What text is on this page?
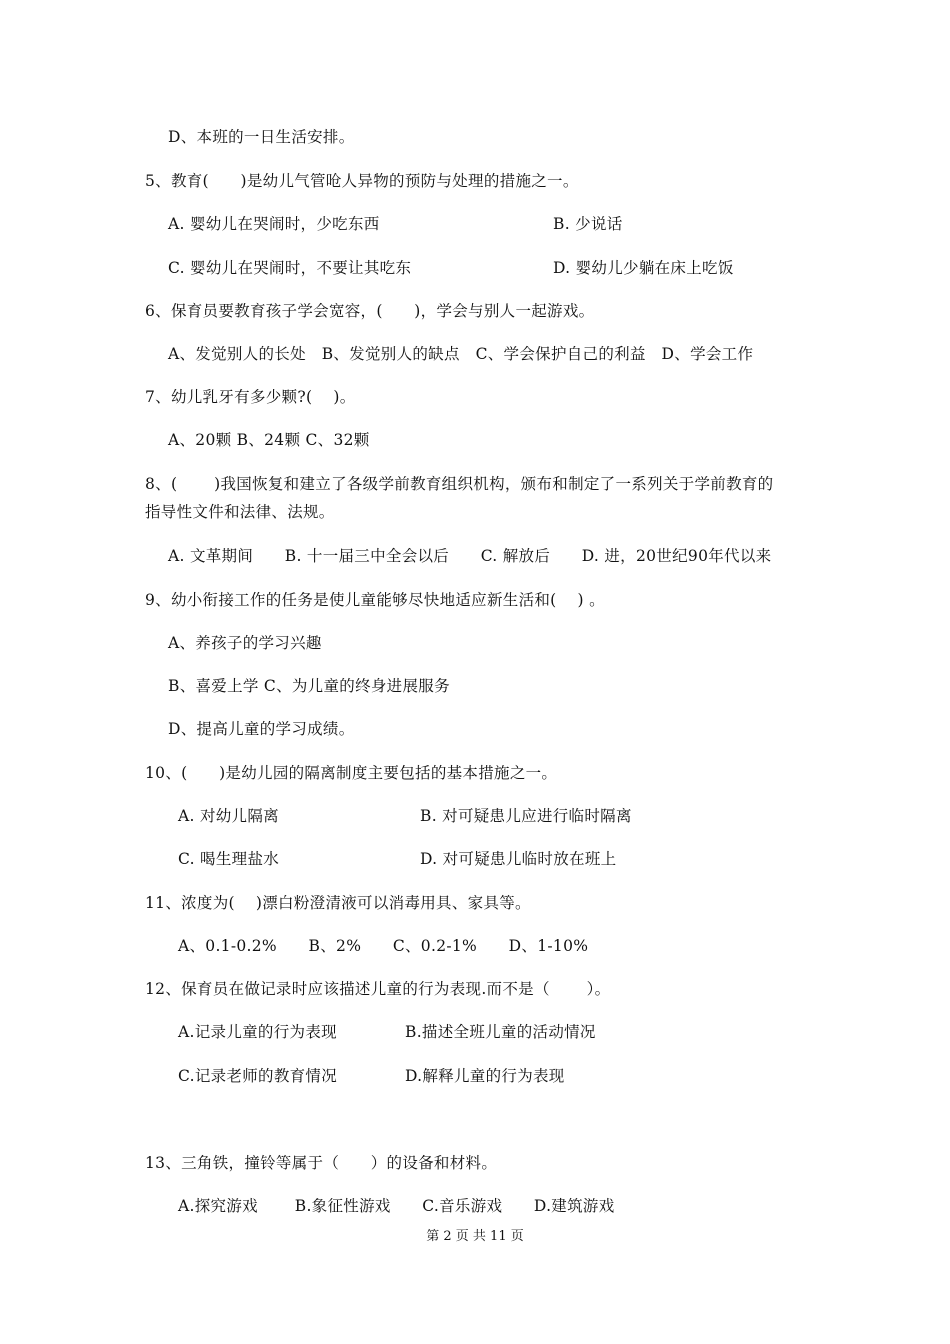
D、本班的一日生活安排。
5、教育(　　)是幼儿气管呛人异物的预防与处理的措施之一。
A. 婴幼儿在哭闹时，少吃东西	B. 少说话
C. 婴幼儿在哭闹时，不要让其吃东	D. 婴幼儿少躺在床上吃饭
6、保育员要教育孩子学会宽容，(　　)，学会与别人一起游戏。
A、发觉别人的长处　B、发觉别人的缺点　C、学会保护自己的利益　D、学会工作
7、幼儿乳牙有多少颗?(　 )。
A、20颗 B、24颗 C、32颗
8、(　　 )我国恢复和建立了各级学前教育组织机构，颁布和制定了一系列关于学前教育的
指导性文件和法律、法规。
A. 文革期间　　B. 十一届三中全会以后　　C. 解放后　　D. 进，20世纪90年代以来
9、幼小衔接工作的任务是使儿童能够尽快地适应新生活和(　 ) 。
A、养孩子的学习兴趣
B、喜爱上学 C、为儿童的终身进展服务
D、提高儿童的学习成绩。
10、(　　)是幼儿园的隔离制度主要包括的基本措施之一。
A. 对幼儿隔离	B. 对可疑患儿应进行临时隔离
C. 喝生理盐水	D. 对可疑患儿临时放在班上
11、浓度为(　 )漂白粉澄清液可以消毒用具、家具等。
A、0.1-0.2%　　B、2%　　C、0.2-1%　　D、1-10%
12、保育员在做记录时应该描述儿童的行为表现.而不是（　　 ）。
A.记录儿童的行为表现	B.描述全班儿童的活动情况
C.记录老师的教育情况	D.解释儿童的行为表现
13、三角铁，撞铃等属于（　　）的设备和材料。
A.探究游戏　　 B.象征性游戏　　C.音乐游戏　　D.建筑游戏
第 2 页 共 11 页
